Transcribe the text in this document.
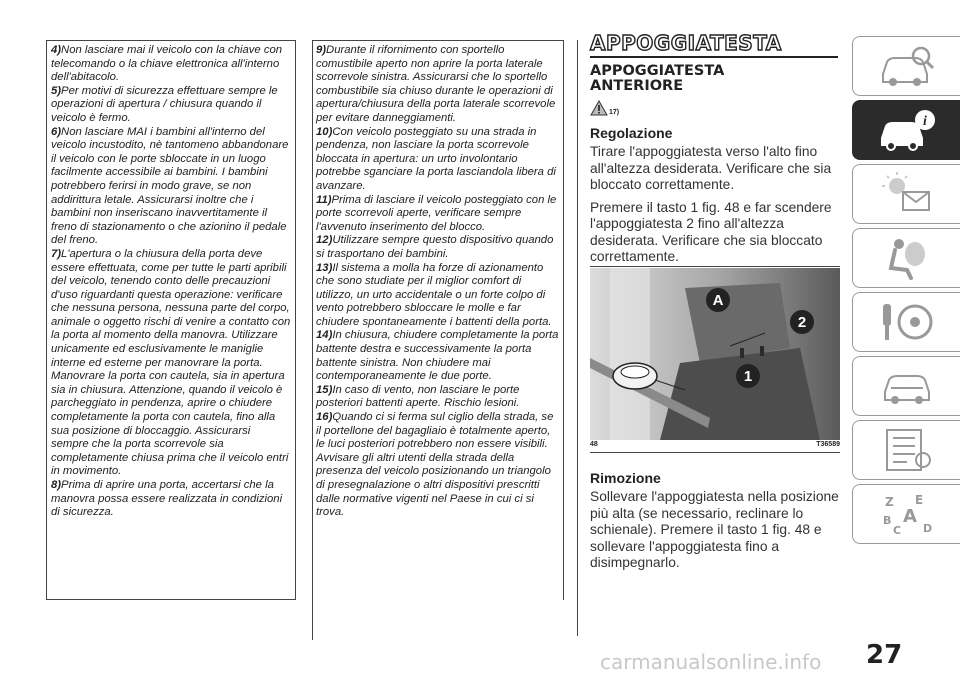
4)Non lasciare mai il veicolo con la chiave con telecomando o la chiave elettronica all'interno dell'abitacolo.

5)Per motivi di sicurezza effettuare sempre le operazioni di apertura / chiusura quando il veicolo è fermo.

6)Non lasciare MAI i bambini all'interno del veicolo incustodito, nè tantomeno abbandonare il veicolo con le porte sbloccate in un luogo facilmente accessibile ai bambini. I bambini potrebbero ferirsi in modo grave, se non addirittura letale. Assicurarsi inoltre che i bambini non inseriscano inavvertitamente il freno di stazionamento o che azionino il pedale del freno.

7)L'apertura o la chiusura della porta deve essere effettuata, come per tutte le parti apribili del veicolo, tenendo conto delle precauzioni d'uso riguardanti questa operazione: verificare che nessuna persona, nessuna parte del corpo, animale o oggetto rischi di venire a contatto con la porta al momento della manovra. Utilizzare unicamente ed esclusivamente le maniglie interne ed esterne per manovrare la porta. Manovrare la porta con cautela, sia in apertura sia in chiusura. Attenzione, quando il veicolo è parcheggiato in pendenza, aprire o chiudere completamente la porta con cautela, fino alla sua posizione di bloccaggio. Assicurarsi sempre che la porta scorrevole sia completamente chiusa prima che il veicolo entri in movimento.

8)Prima di aprire una porta, accertarsi che la manovra possa essere realizzata in condizioni di sicurezza.

9)Durante il rifornimento con sportello comustibile aperto non aprire la porta laterale scorrevole sinistra. Assicurarsi che lo sportello combustibile sia chiuso durante le operazioni di apertura/chiusura della porta laterale scorrevole per evitare danneggiamenti.

10)Con veicolo posteggiato su una strada in pendenza, non lasciare la porta scorrevole bloccata in apertura: un urto involontario potrebbe sganciare la porta lasciandola libera di avanzare.

11)Prima di lasciare il veicolo posteggiato con le porte scorrevoli aperte, verificare sempre l'avvenuto inserimento del blocco.

12)Utilizzare sempre questo dispositivo quando si trasportano dei bambini.

13)Il sistema a molla ha forze di azionamento che sono studiate per il miglior comfort di utilizzo, un urto accidentale o un forte colpo di vento potrebbero sbloccare le molle e far chiudere spontaneamente i battenti della porta.

14)In chiusura, chiudere completamente la porta battente destra e successivamente la porta battente sinistra. Non chiudere mai contemporaneamente le due porte.

15)In caso di vento, non lasciare le porte posteriori battenti aperte. Rischio lesioni.

16)Quando ci si ferma sul ciglio della strada, se il portellone del bagagliaio è totalmente aperto, le luci posteriori potrebbero non essere visibili. Avvisare gli altri utenti della strada della presenza del veicolo posizionando un triangolo di presegnalazione o altri dispositivi prescritti dalle normative vigenti nel Paese in cui ci si trova.

APPOGGIATESTA
APPOGGIATESTA
ANTERIORE
17)
Regolazione

Tirare l'appoggiatesta verso l'alto fino all'altezza desiderata. Verificare che sia bloccato correttamente.

Premere il tasto 1 fig. 48 e far scendere l'appoggiatesta 2 fino all'altezza desiderata. Verificare che sia bloccato correttamente.

A
2
1
48	T36589
Rimozione

Sollevare l'appoggiatesta nella posizione più alta (se necessario, reclinare lo schienale). Premere il tasto 1 fig. 48 e sollevare l'appoggiatesta fino a disimpegnarlo.

i
Z E
B A
C D
27
carmanualsonline.info
